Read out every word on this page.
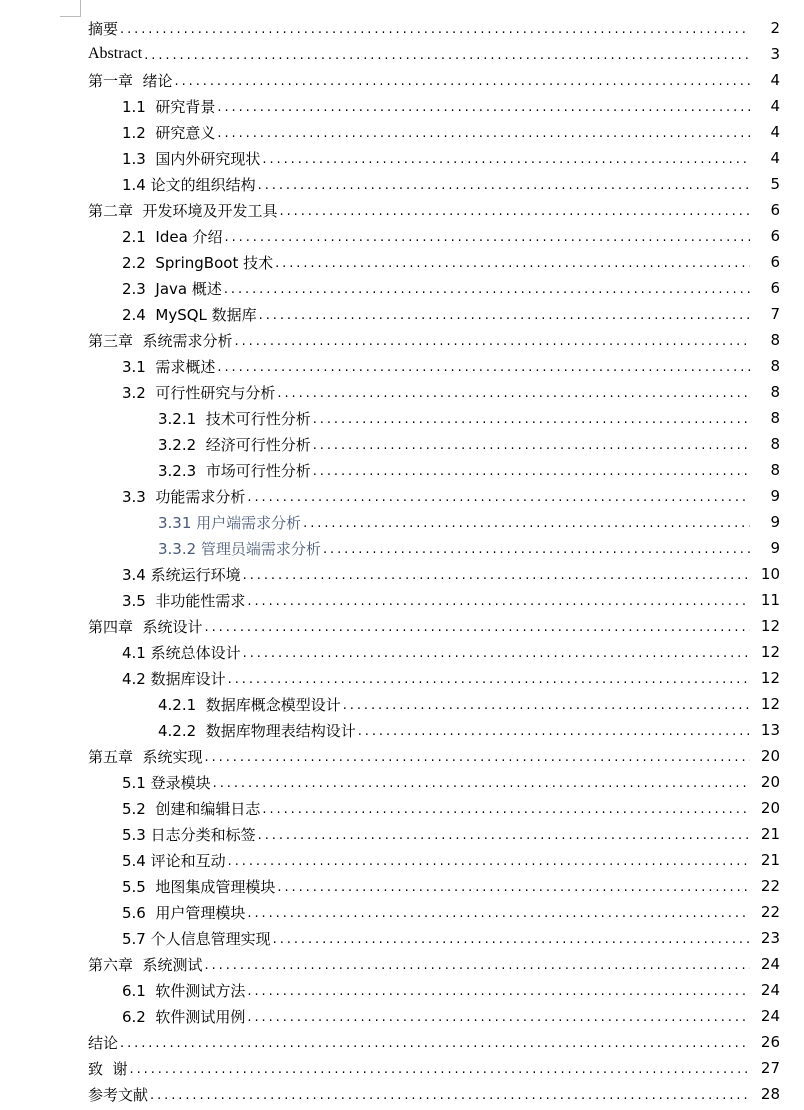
摘要 . . .	2
Abstract . . .	3
第一章  绪论 . . .	4
1.1  研究背景 . . .	4
1.2  研究意义 . . .	4
1.3  国内外研究现状 . . .	4
1.4 论文的组织结构 . . .	5
第二章  开发环境及开发工具 . . .	6
2.1  Idea 介绍 . . .	6
2.2  SpringBoot 技术 . . .	6
2.3  Java 概述 . . .	6
2.4  MySQL 数据库 . . .	7
第三章  系统需求分析 . . .	8
3.1  需求概述 . . .	8
3.2  可行性研究与分析 . . .	8
3.2.1  技术可行性分析 . . .	8
3.2.2  经济可行性分析 . . .	8
3.2.3  市场可行性分析 . . .	8
3.3  功能需求分析 . . .	9
3.31 用户端需求分析 . . .	9
3.3.2 管理员端需求分析 . . .	9
3.4 系统运行环境 . . .	10
3.5  非功能性需求 . . .	11
第四章  系统设计 . . .	12
4.1 系统总体设计 . . .	12
4.2 数据库设计 . . .	12
4.2.1  数据库概念模型设计 . . .	12
4.2.2  数据库物理表结构设计 . . .	13
第五章  系统实现 . . .	20
5.1 登录模块 . . .	20
5.2  创建和编辑日志 . . .	20
5.3 日志分类和标签 . . .	21
5.4 评论和互动 . . .	21
5.5  地图集成管理模块 . . .	22
5.6  用户管理模块 . . .	22
5.7 个人信息管理实现 . . .	23
第六章  系统测试 . . .	24
6.1  软件测试方法 . . .	24
6.2  软件测试用例 . . .	24
结论 . . .	26
致  谢 . . .	27
参考文献 . . .	28
